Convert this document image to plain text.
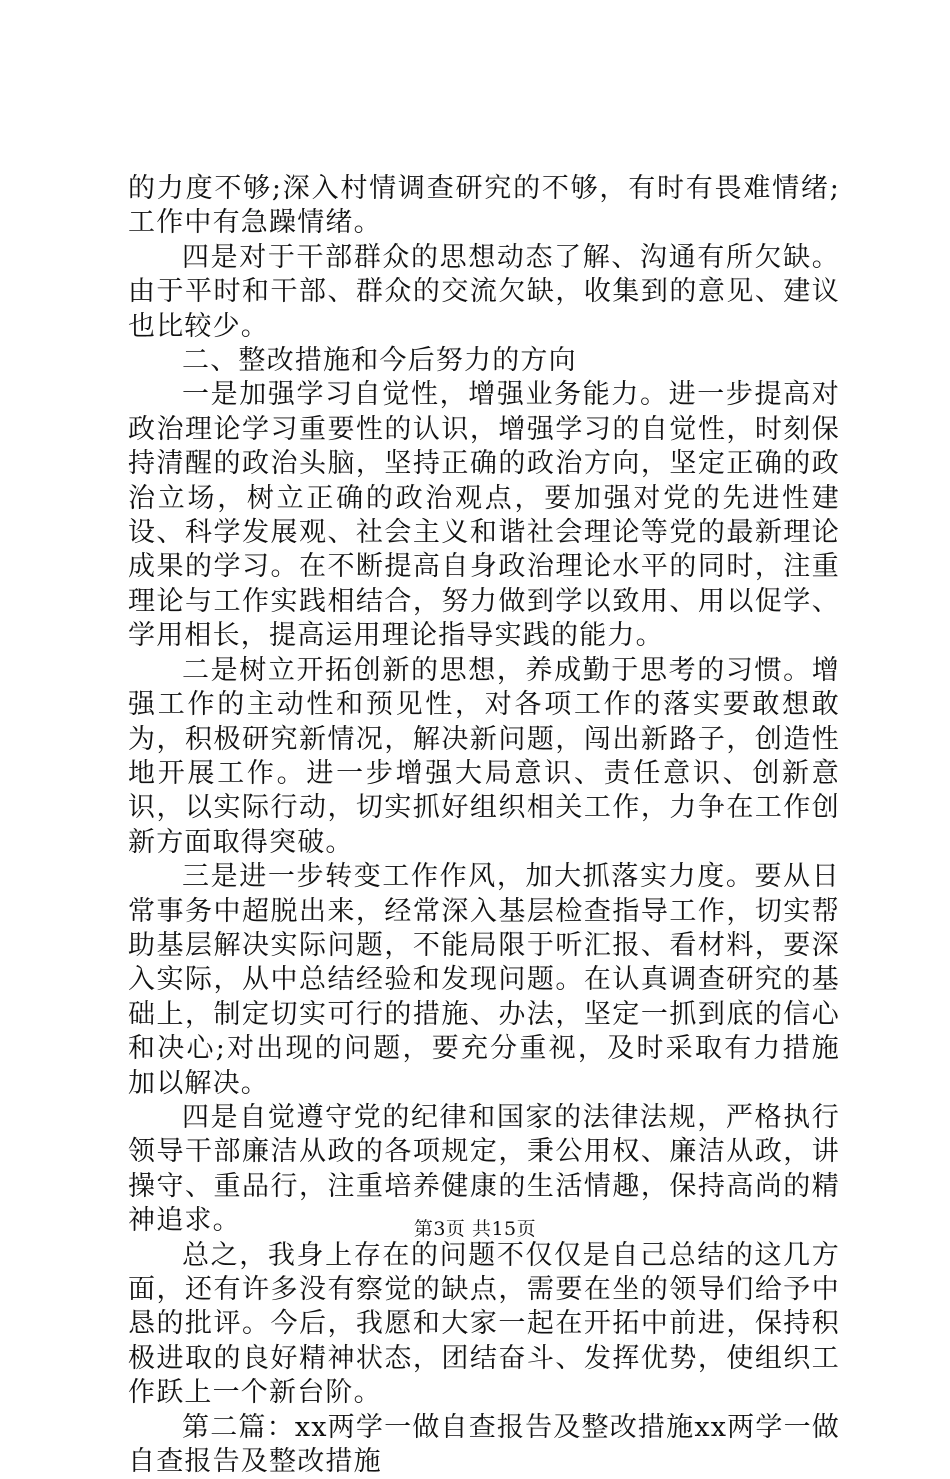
的力度不够;深入村情调查研究的不够，有时有畏难情绪;工作中有急躁情绪。

四是对于干部群众的思想动态了解、沟通有所欠缺。由于平时和干部、群众的交流欠缺，收集到的意见、建议也比较少。

二、整改措施和今后努力的方向

一是加强学习自觉性，增强业务能力。进一步提高对政治理论学习重要性的认识，增强学习的自觉性，时刻保持清醒的政治头脑，坚持正确的政治方向，坚定正确的政治立场，树立正确的政治观点，要加强对党的先进性建设、科学发展观、社会主义和谐社会理论等党的最新理论成果的学习。在不断提高自身政治理论水平的同时，注重理论与工作实践相结合，努力做到学以致用、用以促学、学用相长，提高运用理论指导实践的能力。

二是树立开拓创新的思想，养成勤于思考的习惯。增强工作的主动性和预见性，对各项工作的落实要敢想敢为，积极研究新情况，解决新问题，闯出新路子，创造性地开展工作。进一步增强大局意识、责任意识、创新意识，以实际行动，切实抓好组织相关工作，力争在工作创新方面取得突破。

三是进一步转变工作作风，加大抓落实力度。要从日常事务中超脱出来，经常深入基层检查指导工作，切实帮助基层解决实际问题，不能局限于听汇报、看材料，要深入实际，从中总结经验和发现问题。在认真调查研究的基础上，制定切实可行的措施、办法，坚定一抓到底的信心和决心;对出现的问题，要充分重视，及时采取有力措施加以解决。

四是自觉遵守党的纪律和国家的法律法规，严格执行领导干部廉洁从政的各项规定，秉公用权、廉洁从政，讲操守、重品行，注重培养健康的生活情趣，保持高尚的精神追求。

总之，我身上存在的问题不仅仅是自己总结的这几方面，还有许多没有察觉的缺点，需要在坐的领导们给予中恳的批评。今后，我愿和大家一起在开拓中前进，保持积极进取的良好精神状态，团结奋斗、发挥优势，使组织工作跃上一个新台阶。

第二篇：xx两学一做自查报告及整改措施xx两学一做自查报告及整改措施

第3页 共15页
